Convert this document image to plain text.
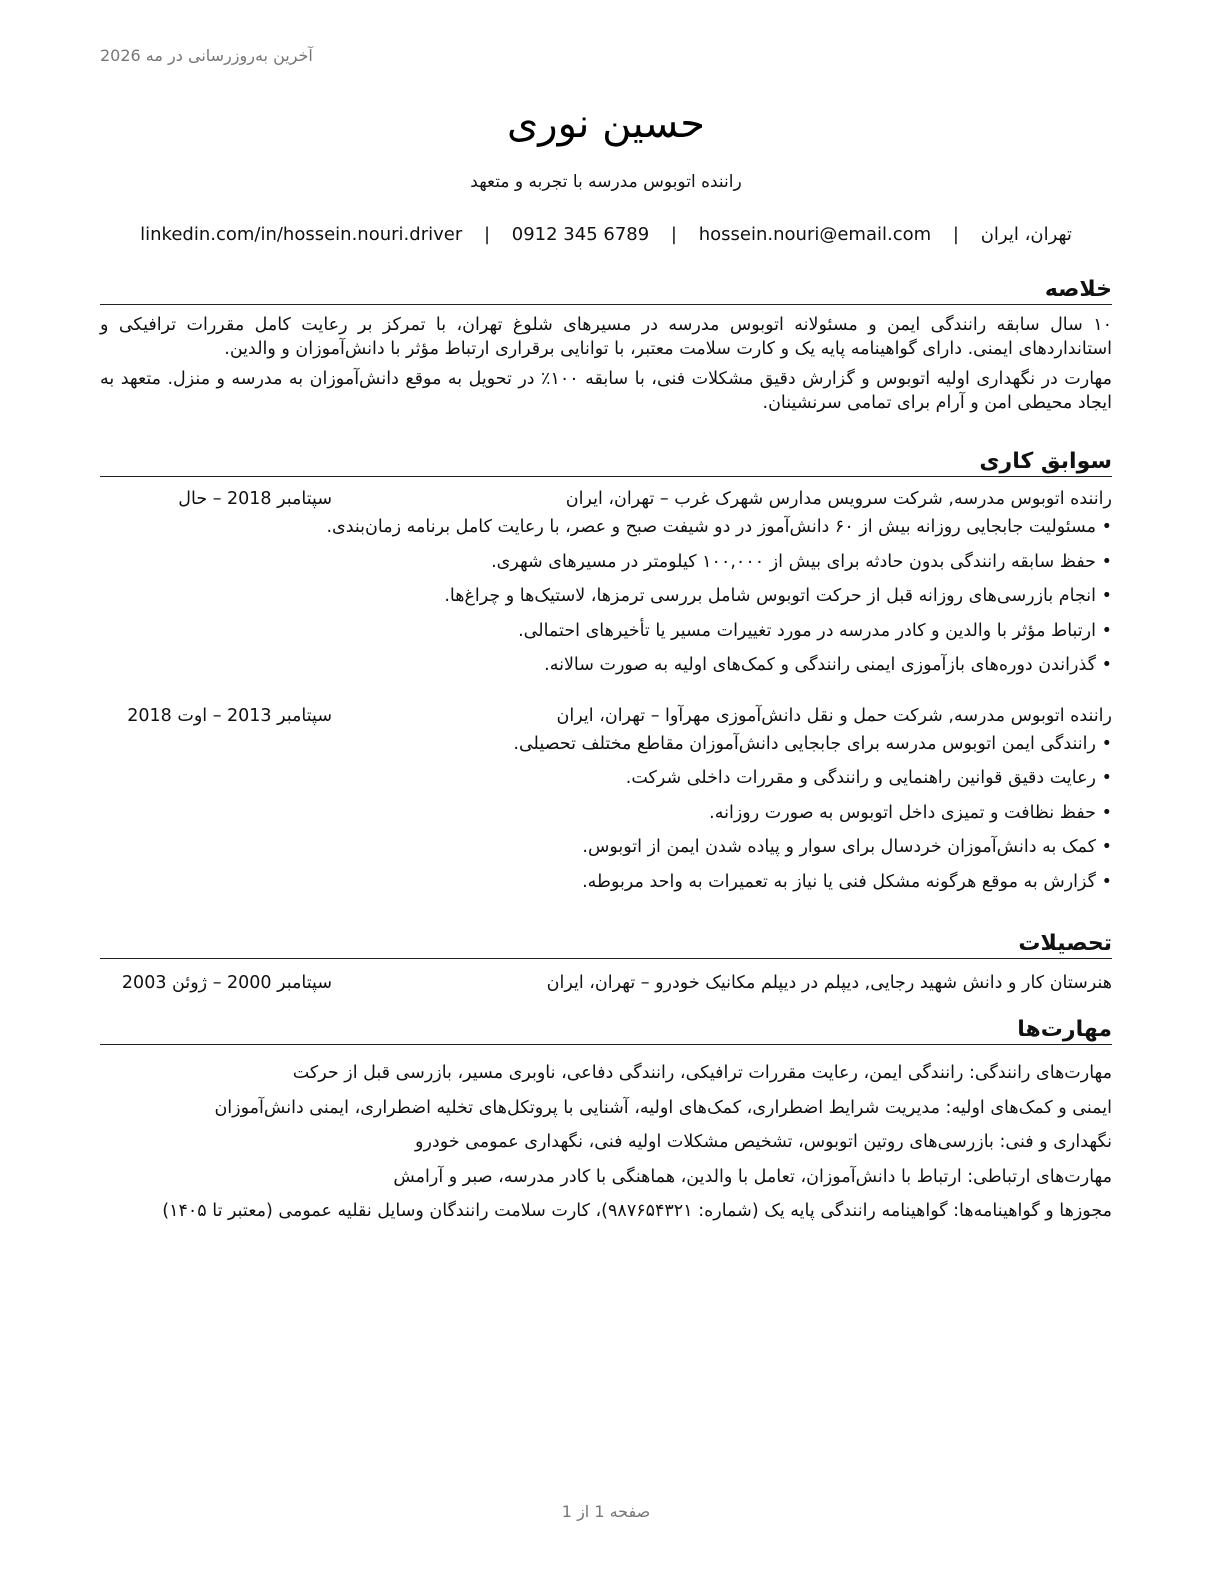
آخرین به‌روزرسانی در مه 2026
حسین نوری
راننده اتوبوس مدرسه با تجربه و متعهد
تهران، ایران | hossein.nouri@email.com | 0912 345 6789 | linkedin.com/in/hossein.nouri.driver
خلاصه

۱۰ سال سابقه رانندگی ایمن و مسئولانه اتوبوس مدرسه در مسیرهای شلوغ تهران، با تمرکز بر رعایت کامل مقررات ترافیکی و استانداردهای ایمنی. دارای گواهینامه پایه یک و کارت سلامت معتبر، با توانایی برقراری ارتباط مؤثر با دانش‌آموزان و والدین.

مهارت در نگهداری اولیه اتوبوس و گزارش دقیق مشکلات فنی، با سابقه ۱۰۰٪ در تحویل به موقع دانش‌آموزان به مدرسه و منزل. متعهد به ایجاد محیطی امن و آرام برای تمامی سرنشینان.

سوابق کاری
راننده اتوبوس مدرسه, شرکت سرویس مدارس شهرک غرب – تهران، ایران
سپتامبر 2018 – حال
•مسئولیت جابجایی روزانه بیش از ۶۰ دانش‌آموز در دو شیفت صبح و عصر، با رعایت کامل برنامه زمان‌بندی.
•حفظ سابقه رانندگی بدون حادثه برای بیش از ۱۰۰,۰۰۰ کیلومتر در مسیرهای شهری.
•انجام بازرسی‌های روزانه قبل از حرکت اتوبوس شامل بررسی ترمزها، لاستیک‌ها و چراغ‌ها.
•ارتباط مؤثر با والدین و کادر مدرسه در مورد تغییرات مسیر یا تأخیرهای احتمالی.
•گذراندن دوره‌های بازآموزی ایمنی رانندگی و کمک‌های اولیه به صورت سالانه.
راننده اتوبوس مدرسه, شرکت حمل و نقل دانش‌آموزی مهرآوا – تهران، ایران
سپتامبر 2013 – اوت 2018
•رانندگی ایمن اتوبوس مدرسه برای جابجایی دانش‌آموزان مقاطع مختلف تحصیلی.
•رعایت دقیق قوانین راهنمایی و رانندگی و مقررات داخلی شرکت.
•حفظ نظافت و تمیزی داخل اتوبوس به صورت روزانه.
•کمک به دانش‌آموزان خردسال برای سوار و پیاده شدن ایمن از اتوبوس.
•گزارش به موقع هرگونه مشکل فنی یا نیاز به تعمیرات به واحد مربوطه.
تحصیلات
هنرستان کار و دانش شهید رجایی, دیپلم در دیپلم مکانیک خودرو – تهران، ایران
سپتامبر 2000 – ژوئن 2003
مهارت‌ها
مهارت‌های رانندگی: رانندگی ایمن، رعایت مقررات ترافیکی، رانندگی دفاعی، ناوبری مسیر، بازرسی قبل از حرکت
ایمنی و کمک‌های اولیه: مدیریت شرایط اضطراری، کمک‌های اولیه، آشنایی با پروتکل‌های تخلیه اضطراری، ایمنی دانش‌آموزان
نگهداری و فنی: بازرسی‌های روتین اتوبوس، تشخیص مشکلات اولیه فنی، نگهداری عمومی خودرو
مهارت‌های ارتباطی: ارتباط با دانش‌آموزان، تعامل با والدین، هماهنگی با کادر مدرسه، صبر و آرامش
مجوزها و گواهینامه‌ها: گواهینامه رانندگی پایه یک (شماره: ۹۸۷۶۵۴۳۲۱)، کارت سلامت رانندگان وسایل نقلیه عمومی (معتبر تا ۱۴۰۵)
صفحه 1 از 1
